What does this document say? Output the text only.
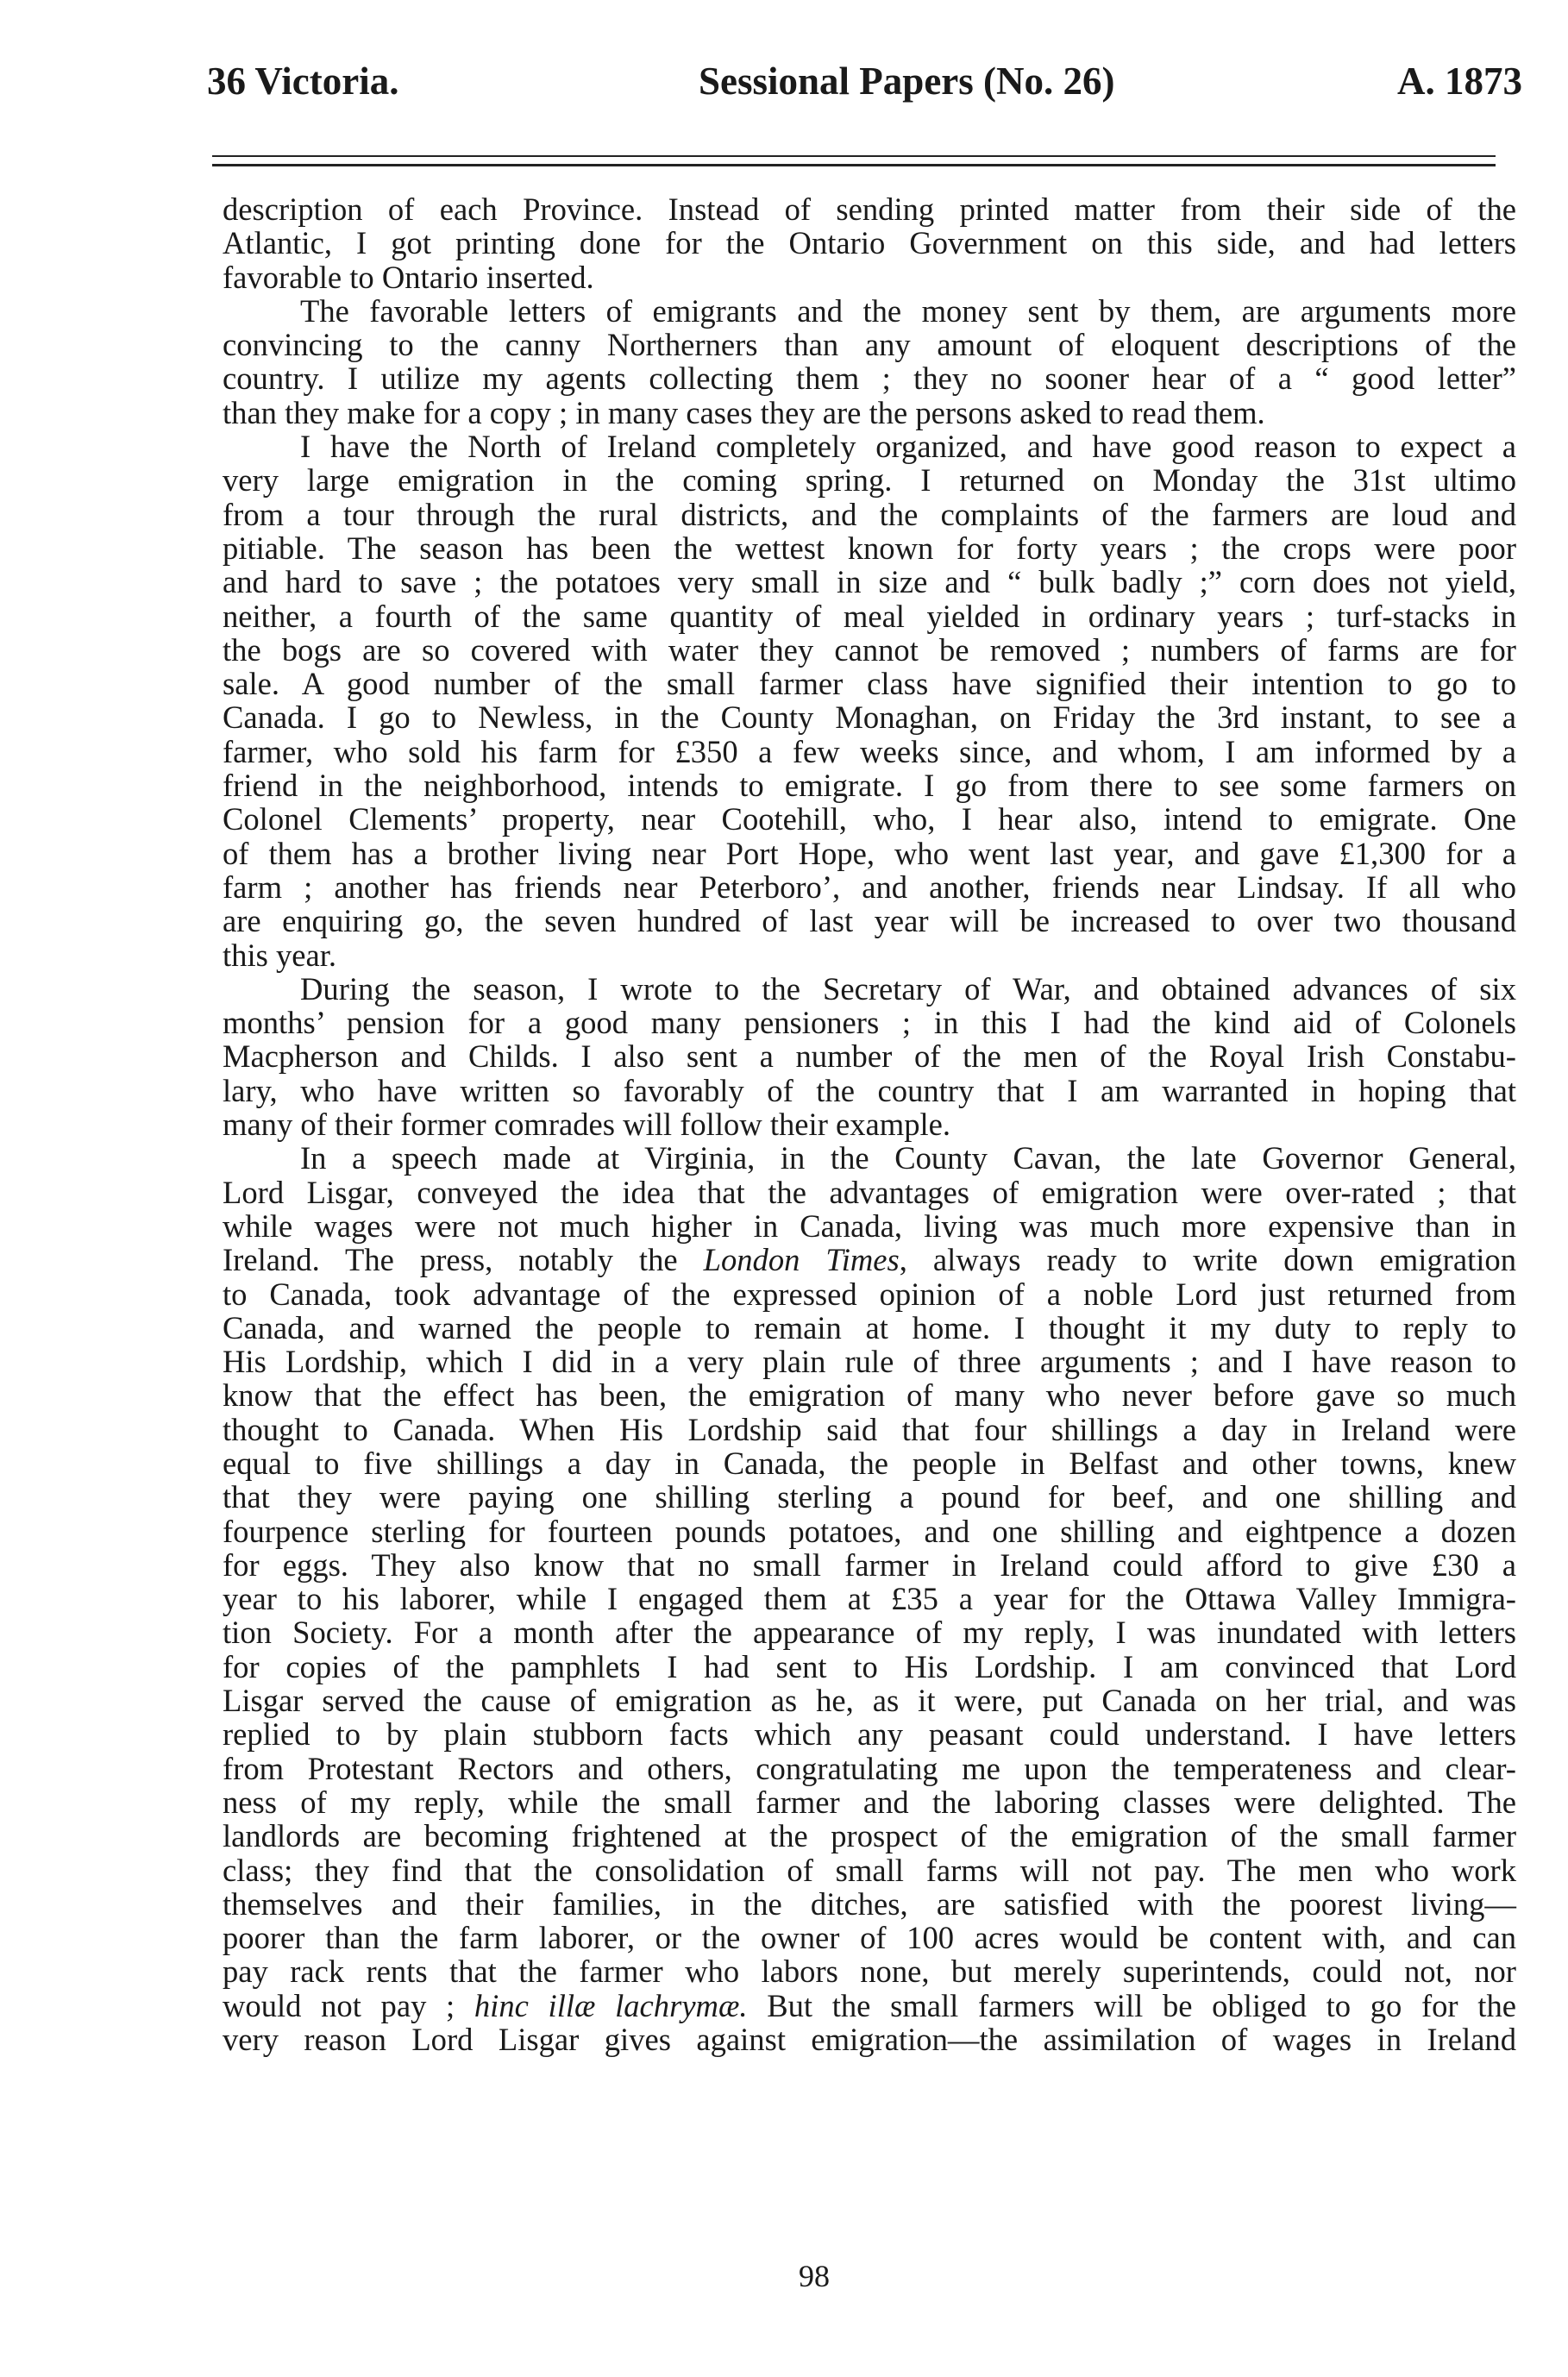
36 Victoria.	Sessional Papers (No. 26)	A. 1873
description of each Province. Instead of sending printed matter from their side of the
Atlantic, I got printing done for the Ontario Government on this side, and had letters
favorable to Ontario inserted.
The favorable letters of emigrants and the money sent by them, are arguments more
convincing to the canny Northerners than any amount of eloquent descriptions of the
country. I utilize my agents collecting them ; they no sooner hear of a “ good letter”
than they make for a copy ; in many cases they are the persons asked to read them.
I have the North of Ireland completely organized, and have good reason to expect a
very large emigration in the coming spring. I returned on Monday the 31st ultimo
from a tour through the rural districts, and the complaints of the farmers are loud and
pitiable. The season has been the wettest known for forty years ; the crops were poor
and hard to save ; the potatoes very small in size and “ bulk badly ;” corn does not yield,
neither, a fourth of the same quantity of meal yielded in ordinary years ; turf-stacks in
the bogs are so covered with water they cannot be removed ; numbers of farms are for
sale. A good number of the small farmer class have signified their intention to go to
Canada. I go to Newless, in the County Monaghan, on Friday the 3rd instant, to see a
farmer, who sold his farm for £350 a few weeks since, and whom, I am informed by a
friend in the neighborhood, intends to emigrate. I go from there to see some farmers on
Colonel Clements’ property, near Cootehill, who, I hear also, intend to emigrate. One
of them has a brother living near Port Hope, who went last year, and gave £1,300 for a
farm ; another has friends near Peterboro’, and another, friends near Lindsay. If all who
are enquiring go, the seven hundred of last year will be increased to over two thousand
this year.
During the season, I wrote to the Secretary of War, and obtained advances of six
months’ pension for a good many pensioners ; in this I had the kind aid of Colonels
Macpherson and Childs. I also sent a number of the men of the Royal Irish Constabu-
lary, who have written so favorably of the country that I am warranted in hoping that
many of their former comrades will follow their example.
In a speech made at Virginia, in the County Cavan, the late Governor General,
Lord Lisgar, conveyed the idea that the advantages of emigration were over-rated ; that
while wages were not much higher in Canada, living was much more expensive than in
Ireland. The press, notably the London Times, always ready to write down emigration
to Canada, took advantage of the expressed opinion of a noble Lord just returned from
Canada, and warned the people to remain at home. I thought it my duty to reply to
His Lordship, which I did in a very plain rule of three arguments ; and I have reason to
know that the effect has been, the emigration of many who never before gave so much
thought to Canada. When His Lordship said that four shillings a day in Ireland were
equal to five shillings a day in Canada, the people in Belfast and other towns, knew
that they were paying one shilling sterling a pound for beef, and one shilling and
fourpence sterling for fourteen pounds potatoes, and one shilling and eightpence a dozen
for eggs. They also know that no small farmer in Ireland could afford to give £30 a
year to his laborer, while I engaged them at £35 a year for the Ottawa Valley Immigra-
tion Society. For a month after the appearance of my reply, I was inundated with letters
for copies of the pamphlets I had sent to His Lordship. I am convinced that Lord
Lisgar served the cause of emigration as he, as it were, put Canada on her trial, and was
replied to by plain stubborn facts which any peasant could understand. I have letters
from Protestant Rectors and others, congratulating me upon the temperateness and clear-
ness of my reply, while the small farmer and the laboring classes were delighted. The
landlords are becoming frightened at the prospect of the emigration of the small farmer
class; they find that the consolidation of small farms will not pay. The men who work
themselves and their families, in the ditches, are satisfied with the poorest living—
poorer than the farm laborer, or the owner of 100 acres would be content with, and can
pay rack rents that the farmer who labors none, but merely superintends, could not, nor
would not pay ; hinc illæ lachrymæ. But the small farmers will be obliged to go for the
very reason Lord Lisgar gives against emigration—the assimilation of wages in Ireland
98
